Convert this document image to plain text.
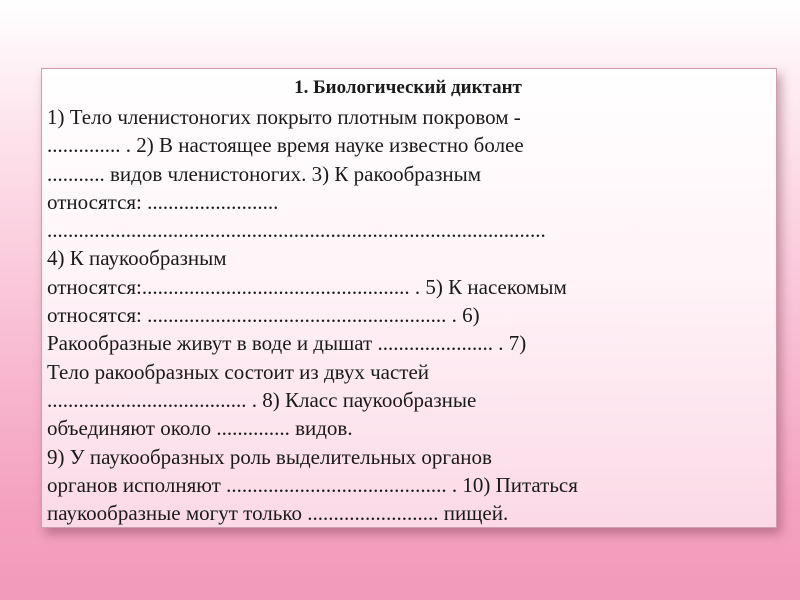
1. Биологический диктант
1) Тело членистоногих покрыто плотным покровом -
.............. . 2) В настоящее время науке известно более
........... видов членистоногих. 3) К ракообразным
относятся: .........................
...............................................................................................
4) К паукообразным
относятся:................................................... . 5) К насекомым
относятся: ......................................................... . 6)
Ракообразные живут в воде и дышат ...................... . 7)
Тело ракообразных состоит из двух частей
...................................... . 8) Класс паукообразные
объединяют около .............. видов.
9) У паукообразных роль выделительных органов
органов исполняют .......................................... . 10) Питаться
паукообразные могут только ......................... пищей.
